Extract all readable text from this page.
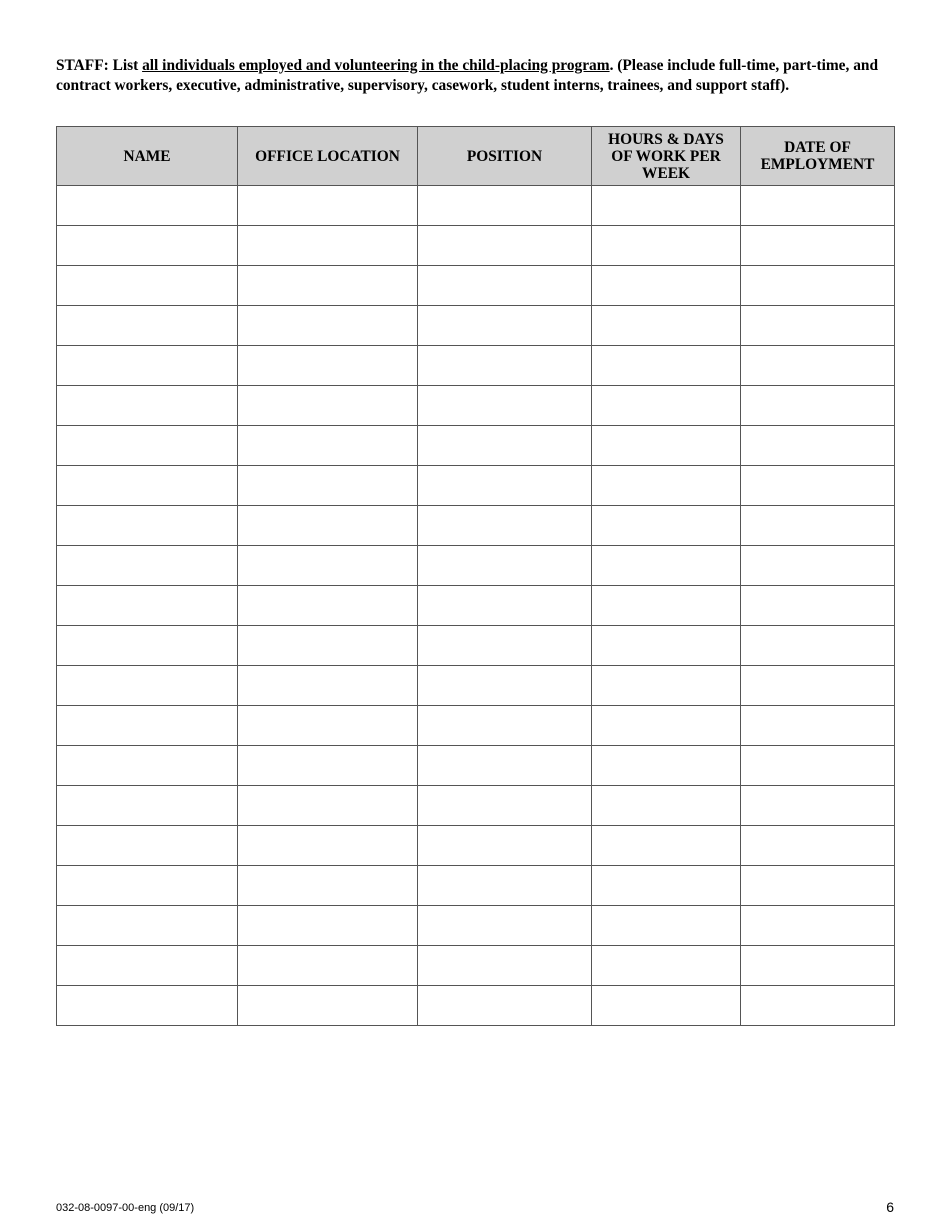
STAFF: List all individuals employed and volunteering in the child-placing program. (Please include full-time, part-time, and contract workers, executive, administrative, supervisory, casework, student interns, trainees, and support staff).
NAME	OFFICE LOCATION	POSITION	HOURS & DAYS OF WORK PER WEEK	DATE OF EMPLOYMENT

032-08-0097-00-eng (09/17)	6
